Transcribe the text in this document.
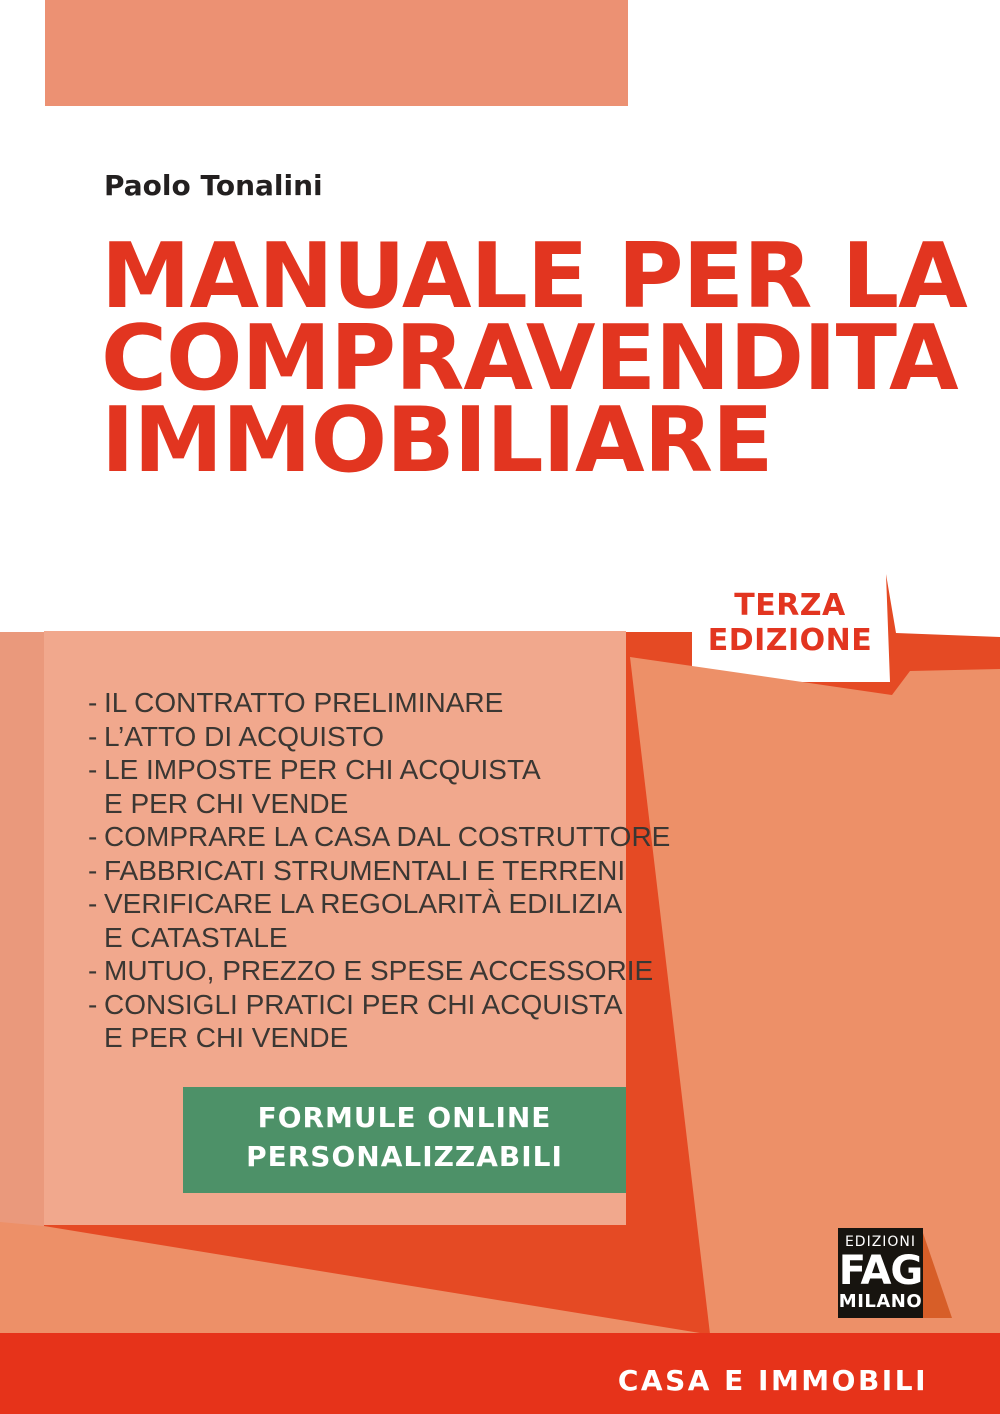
Paolo Tonalini
MANUALE PER LA
COMPRAVENDITA
IMMOBILIARE
TERZA
EDIZIONE
- IL CONTRATTO PRELIMINARE
- L’ATTO DI ACQUISTO
- LE IMPOSTE PER CHI ACQUISTA
E PER CHI VENDE
- COMPRARE LA CASA DAL COSTRUTTORE
- FABBRICATI STRUMENTALI E TERRENI
- VERIFICARE LA REGOLARITÀ EDILIZIA
E CATASTALE
- MUTUO, PREZZO E SPESE ACCESSORIE
- CONSIGLI PRATICI PER CHI ACQUISTA
E PER CHI VENDE
FORMULE ONLINE
PERSONALIZZABILI
EDIZIONI
FAG
MILANO
CASA E IMMOBILI
